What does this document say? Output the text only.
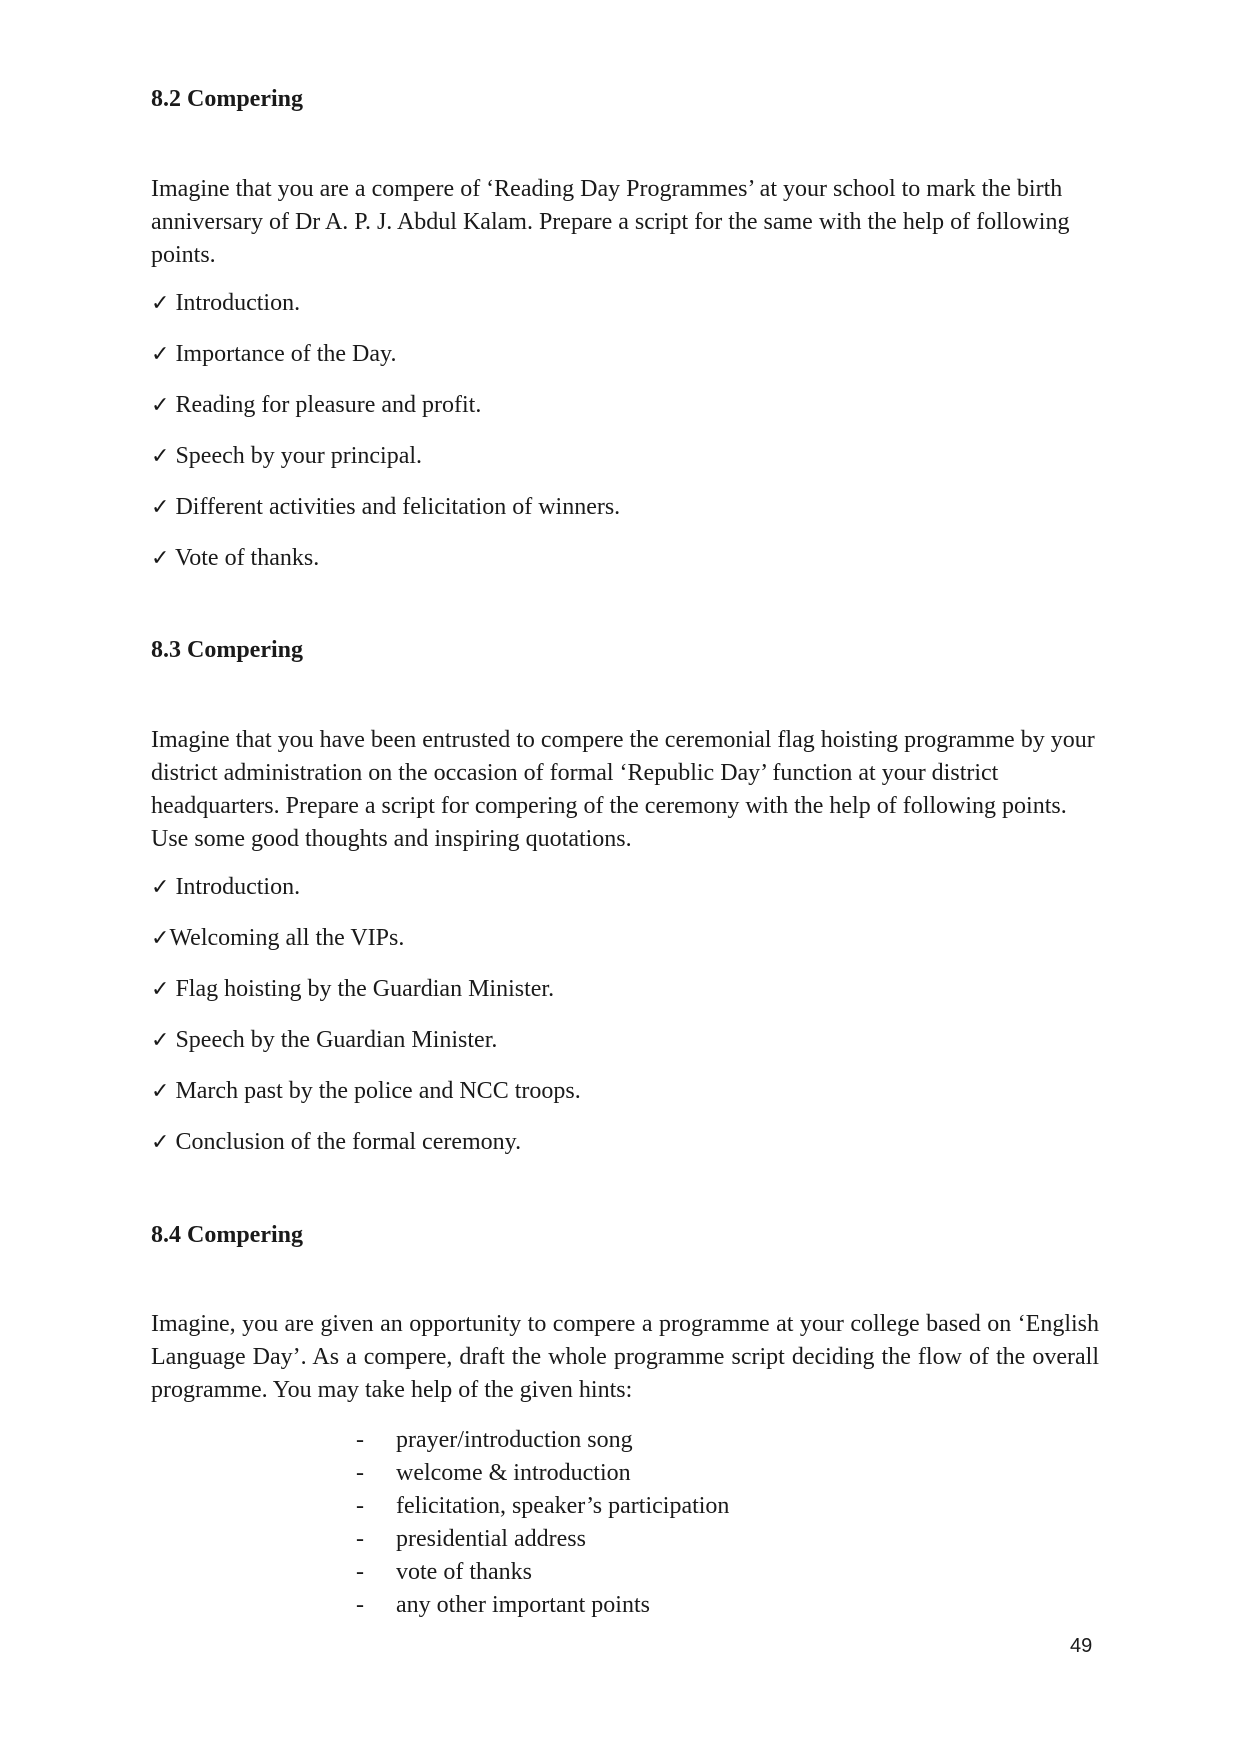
8.2 Compering

Imagine that you are a compere of ‘Reading Day Programmes’ at your school to mark the birth anniversary of Dr A. P. J. Abdul Kalam. Prepare a script for the same with the help of following points.

✓ Introduction.
✓ Importance of the Day.
✓ Reading for pleasure and profit.
✓ Speech by your principal.
✓ Different activities and felicitation of winners.
✓ Vote of thanks.
8.3 Compering

Imagine that you have been entrusted to compere the ceremonial flag hoisting programme by your district administration on the occasion of formal ‘Republic Day’ function at your district headquarters. Prepare a script for compering of the ceremony with the help of following points. Use some good thoughts and inspiring quotations.

✓ Introduction.
✓Welcoming all the VIPs.
✓ Flag hoisting by the Guardian Minister.
✓ Speech by the Guardian Minister.
✓ March past by the police and NCC troops.
✓ Conclusion of the formal ceremony.
8.4 Compering

Imagine, you are given an opportunity to compere a programme at your college based on ‘English Language Day’. As a compere, draft the whole programme script deciding the flow of the overall programme. You may take help of the given hints:

- prayer/introduction song
- welcome & introduction
- felicitation, speaker’s participation
- presidential address
- vote of thanks
- any other important points

49
